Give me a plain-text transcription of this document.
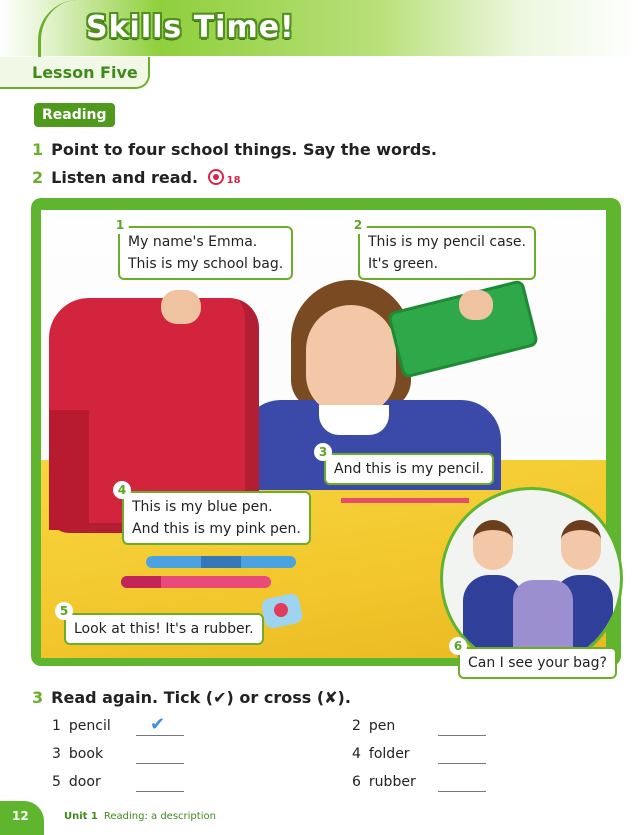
Skills Time!
Lesson Five
Reading
1 Point to four school things. Say the words.
2 Listen and read.	18
My name's Emma.
This is my school bag.
1
This is my pencil case.
It's green.
2
And this is my pencil.
3
This is my blue pen.
And this is my pink pen.
4
Look at this! It's a rubber.
5
Can I see your bag?
6
3 Read again. Tick (✔) or cross (✘).
1 pencil ✔	2 pen
3 book	4 folder
5 door	6 rubber
12	Unit 1 Reading: a description
